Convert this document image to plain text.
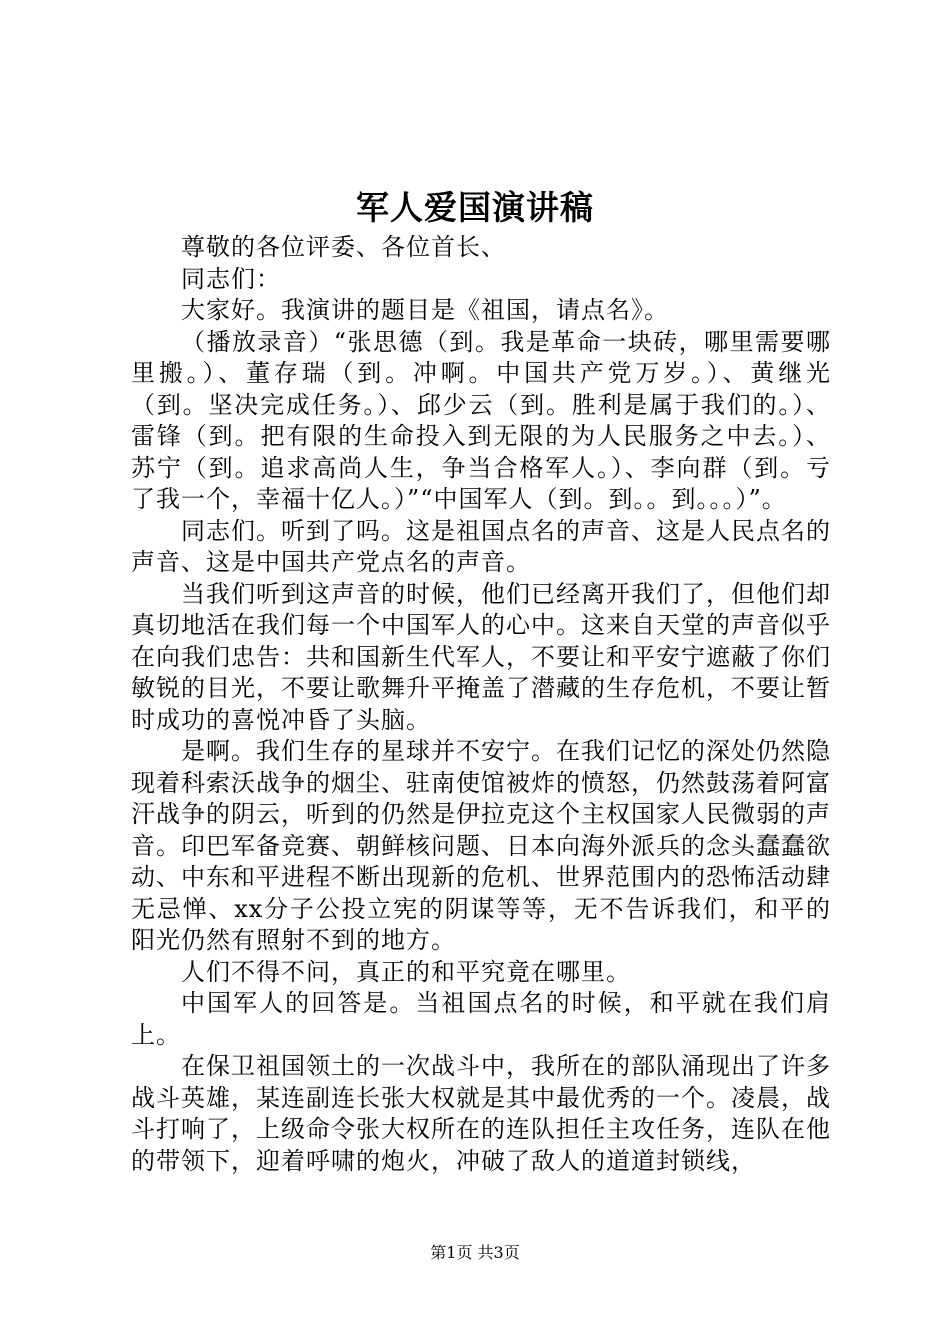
军人爱国演讲稿

尊敬的各位评委、各位首长、

同志们：

大家好。我演讲的题目是《祖国，请点名》。

（播放录音）“张思德（到。我是革命一块砖，哪里需要哪里搬。）、董存瑞（到。冲啊。中国共产党万岁。）、黄继光（到。坚决完成任务。）、邱少云（到。胜利是属于我们的。）、雷锋（到。把有限的生命投入到无限的为人民服务之中去。）、苏宁（到。追求高尚人生，争当合格军人。）、李向群（到。亏了我一个，幸福十亿人。）”“中国军人（到。到。。到。。。）”。

同志们。听到了吗。这是祖国点名的声音、这是人民点名的声音、这是中国共产党点名的声音。

当我们听到这声音的时候，他们已经离开我们了，但他们却真切地活在我们每一个中国军人的心中。这来自天堂的声音似乎在向我们忠告：共和国新生代军人，不要让和平安宁遮蔽了你们敏锐的目光，不要让歌舞升平掩盖了潜藏的生存危机，不要让暂时成功的喜悦冲昏了头脑。

是啊。我们生存的星球并不安宁。在我们记忆的深处仍然隐现着科索沃战争的烟尘、驻南使馆被炸的愤怒，仍然鼓荡着阿富汗战争的阴云，听到的仍然是伊拉克这个主权国家人民微弱的声音。印巴军备竞赛、朝鲜核问题、日本向海外派兵的念头蠢蠢欲动、中东和平进程不断出现新的危机、世界范围内的恐怖活动肆无忌惮、xx分子公投立宪的阴谋等等，无不告诉我们，和平的阳光仍然有照射不到的地方。

人们不得不问，真正的和平究竟在哪里。

中国军人的回答是。当祖国点名的时候，和平就在我们肩上。

在保卫祖国领土的一次战斗中，我所在的部队涌现出了许多战斗英雄，某连副连长张大权就是其中最优秀的一个。凌晨，战斗打响了，上级命令张大权所在的连队担任主攻任务，连队在他的带领下，迎着呼啸的炮火，冲破了敌人的道道封锁线，

第1页 共3页
